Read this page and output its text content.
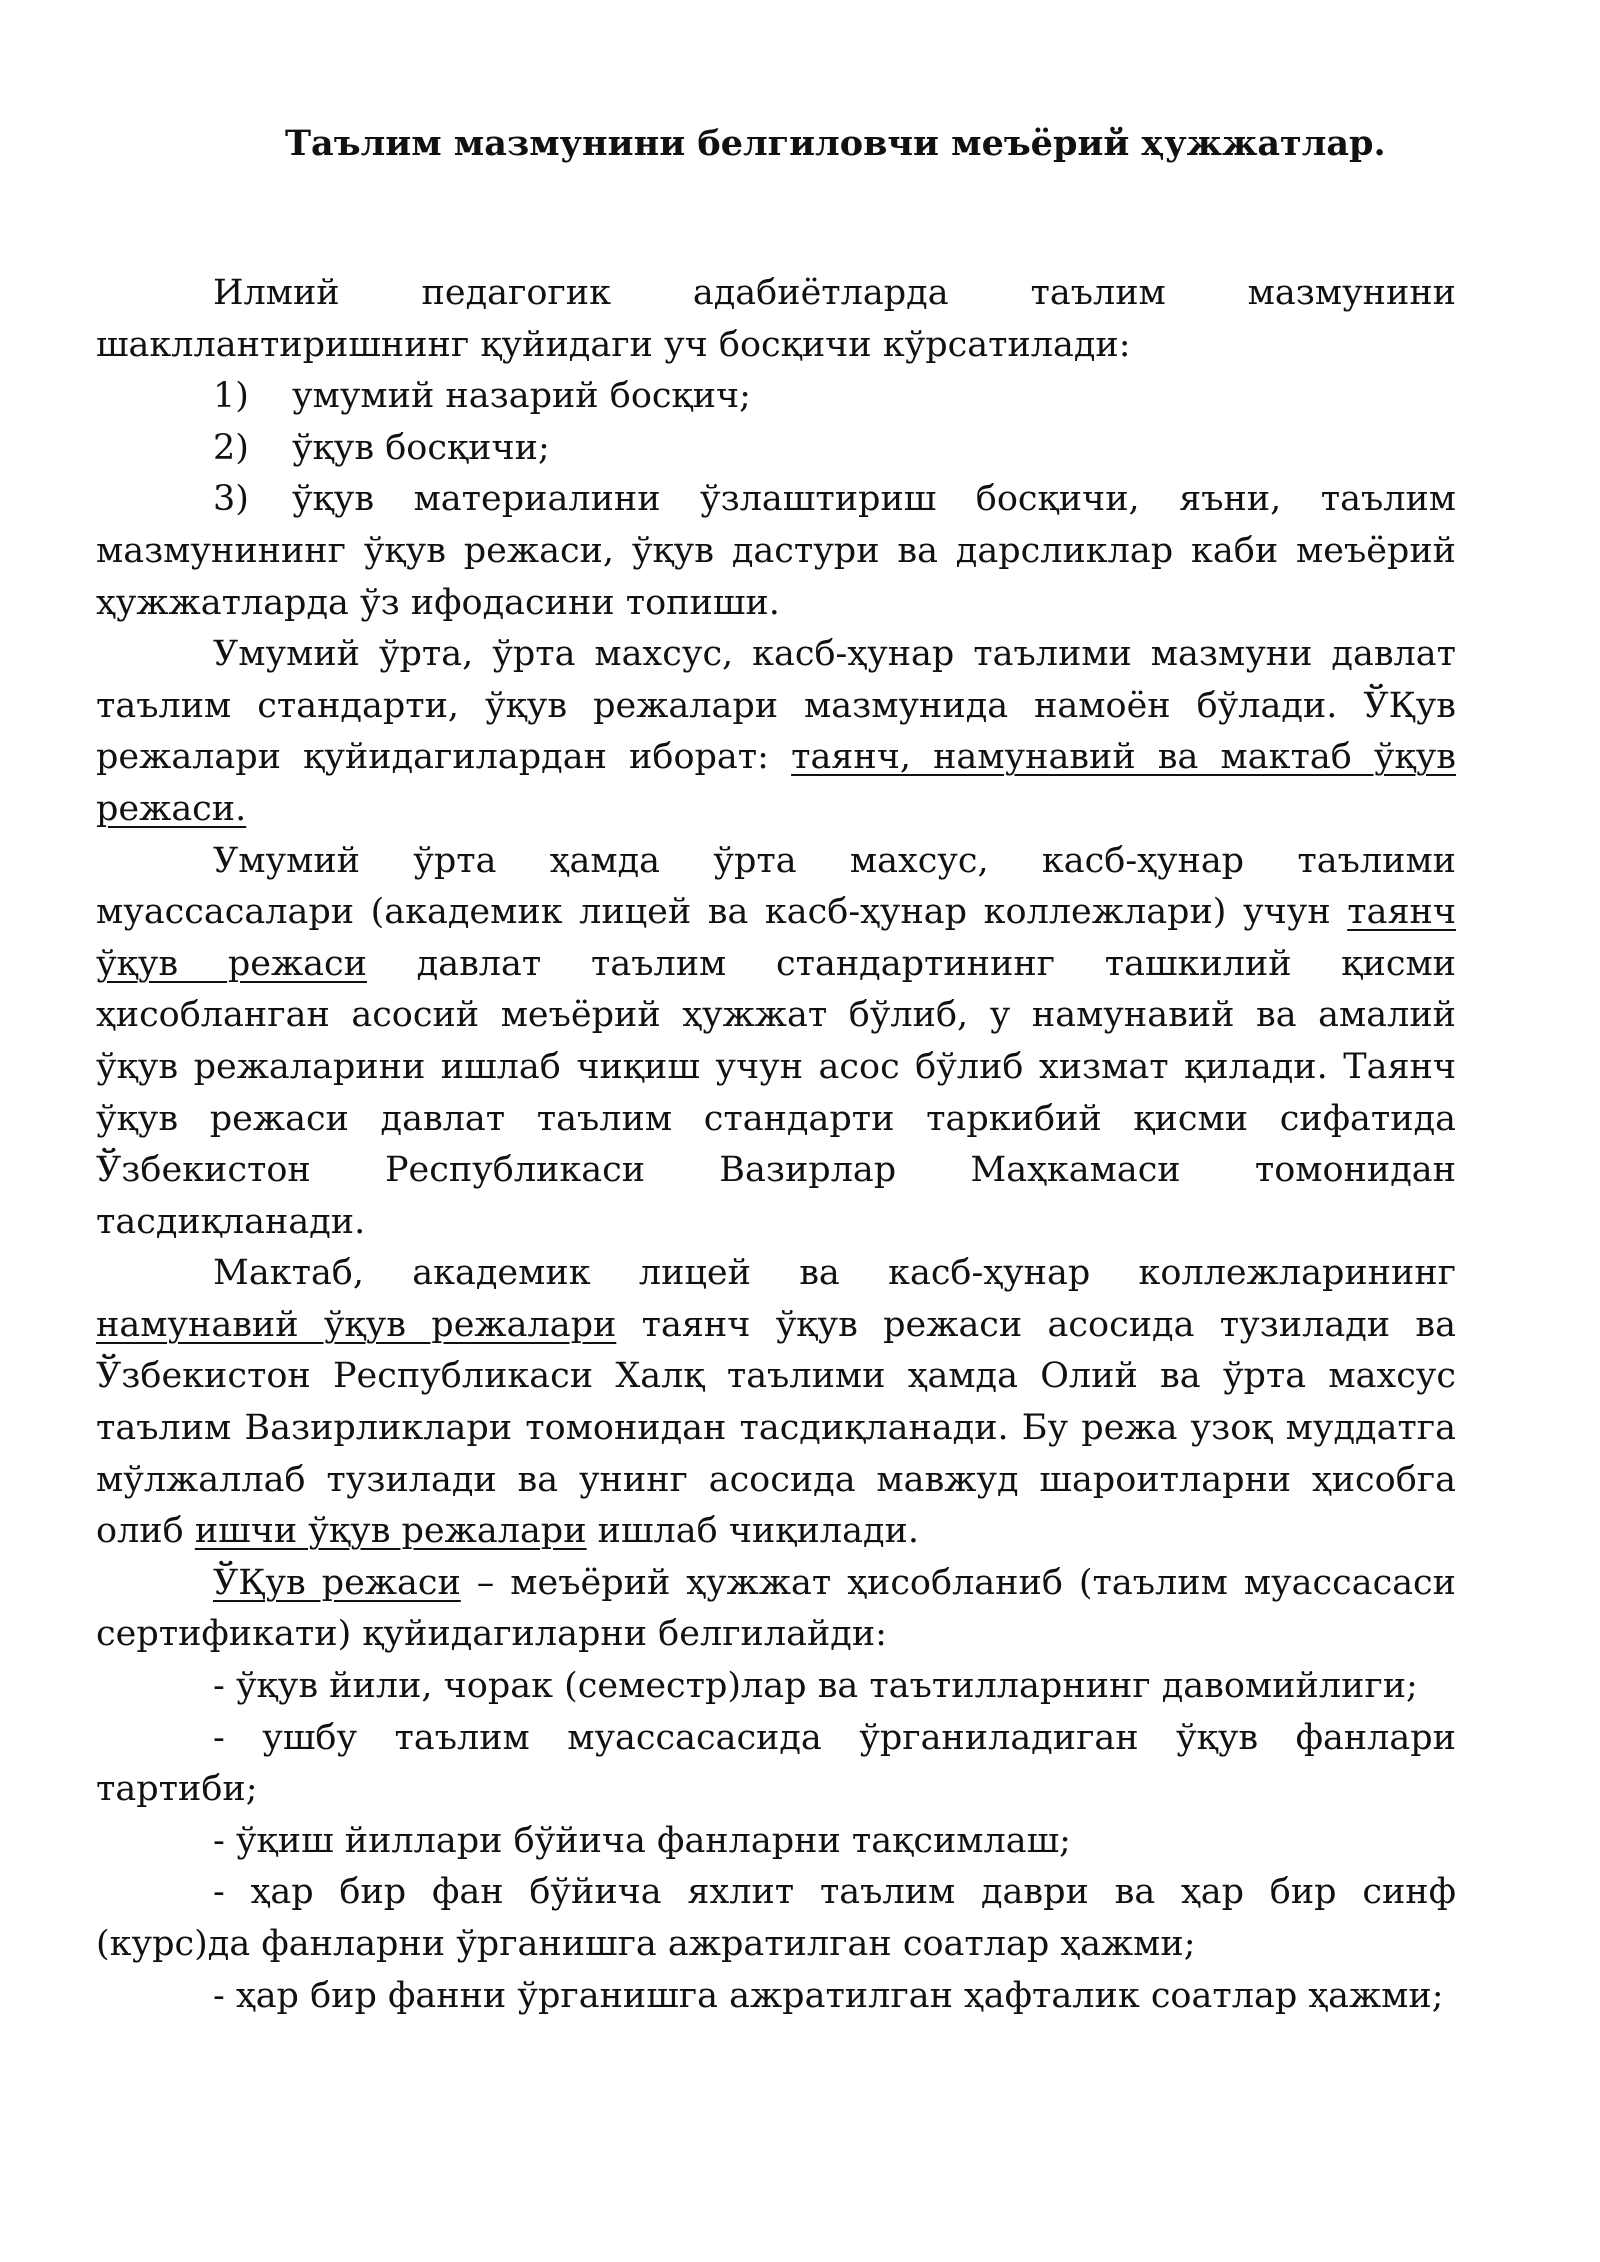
Таълим мазмунини белгиловчи меъёрий ҳужжатлар.

Илмий педагогик адабиётларда таълим мазмунини шакллантиришнинг қуйидаги уч босқичи кўрсатилади:

1) умумий назарий босқич;

2) ўқув босқичи;

3) ўқув материалини ўзлаштириш босқичи, яъни, таълим мазмунининг ўқув режаси, ўқув дастури ва дарсликлар каби меъёрий ҳужжатларда ўз ифодасини топиши.

Умумий ўрта, ўрта махсус, касб-ҳунар таълими мазмуни давлат таълим стандарти, ўқув режалари мазмунида намоён бўлади. ЎҚув режалари қуйидагилардан иборат: таянч, намунавий ва мактаб ўқув режаси.

Умумий ўрта ҳамда ўрта махсус, касб-ҳунар таълими муассасалари (академик лицей ва касб-ҳунар коллежлари) учун таянч ўқув режаси давлат таълим стандартининг ташкилий қисми ҳисобланган асосий меъёрий ҳужжат бўлиб, у намунавий ва амалий ўқув режаларини ишлаб чиқиш учун асос бўлиб хизмат қилади. Таянч ўқув режаси давлат таълим стандарти таркибий қисми сифатида Ўзбекистон Республикаси Вазирлар Маҳкамаси томонидан тасдиқланади.

Мактаб, академик лицей ва касб-ҳунар коллежларининг намунавий ўқув режалари таянч ўқув режаси асосида тузилади ва Ўзбекистон Республикаси Халқ таълими ҳамда Олий ва ўрта махсус таълим Вазирликлари томонидан тасдиқланади. Бу режа узоқ муддатга мўлжаллаб тузилади ва унинг асосида мавжуд шароитларни ҳисобга олиб ишчи ўқув режалари ишлаб чиқилади.

ЎҚув режаси – меъёрий ҳужжат ҳисобланиб (таълим муассасаси сертификати) қуйидагиларни белгилайди:

- ўқув йили, чорак (семестр)лар ва таътилларнинг давомийлиги;

- ушбу таълим муассасасида ўрганиладиган ўқув фанлари тартиби;

- ўқиш йиллари бўйича фанларни тақсимлаш;

- ҳар бир фан бўйича яхлит таълим даври ва ҳар бир синф (курс)да фанларни ўрганишга ажратилган соатлар ҳажми;

- ҳар бир фанни ўрганишга ажратилган ҳафталик соатлар ҳажми;
